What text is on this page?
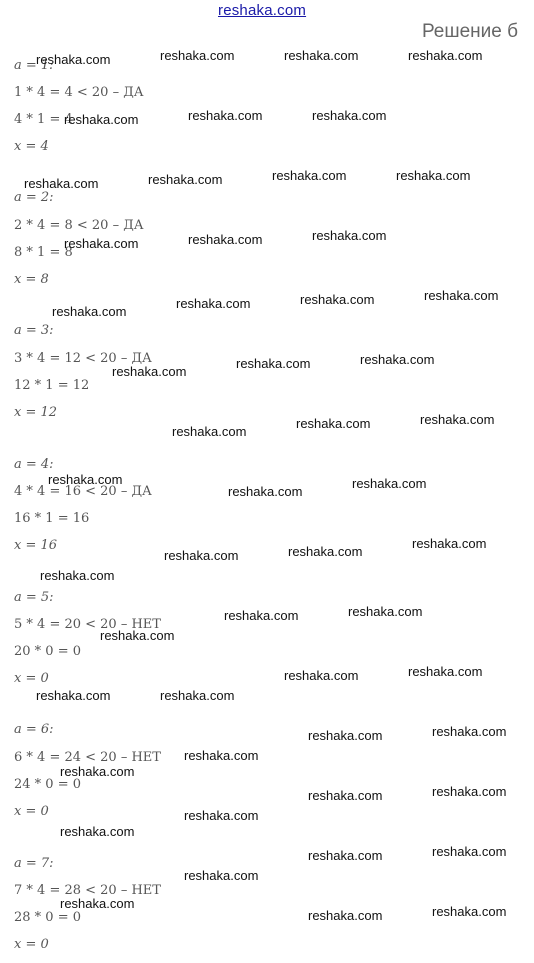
reshaka.com
Решение б
a = 1:
1 * 4 = 4 < 20 – ДА
4 * 1 = 4
x = 4
a = 2:
2 * 4 = 8 < 20 – ДА
8 * 1 = 8
x = 8
a = 3:
3 * 4 = 12 < 20 – ДА
12 * 1 = 12
x = 12
a = 4:
4 * 4 = 16 < 20 – ДА
16 * 1 = 16
x = 16
a = 5:
5 * 4 = 20 < 20 – НЕТ
20 * 0 = 0
x = 0
a = 6:
6 * 4 = 24 < 20 – НЕТ
24 * 0 = 0
x = 0
a = 7:
7 * 4 = 28 < 20 – НЕТ
28 * 0 = 0
x = 0
reshaka.com	reshaka.com	reshaka.com	reshaka.com
reshaka.com	reshaka.com	reshaka.com
reshaka.com	reshaka.com	reshaka.com	reshaka.com
reshaka.com	reshaka.com	reshaka.com
reshaka.com
reshaka.com	reshaka.com	reshaka.com
reshaka.com	reshaka.com
reshaka.com
reshaka.com
reshaka.com	reshaka.com
reshaka.com
reshaka.com
reshaka.com
reshaka.com	reshaka.com
reshaka.com
reshaka.com
reshaka.com	reshaka.com
reshaka.com
reshaka.com	reshaka.com
reshaka.com	reshaka.com
reshaka.com	reshaka.com
reshaka.com
reshaka.com
reshaka.com	reshaka.com
reshaka.com
reshaka.com
reshaka.com	reshaka.com
reshaka.com
reshaka.com
reshaka.com	reshaka.com
